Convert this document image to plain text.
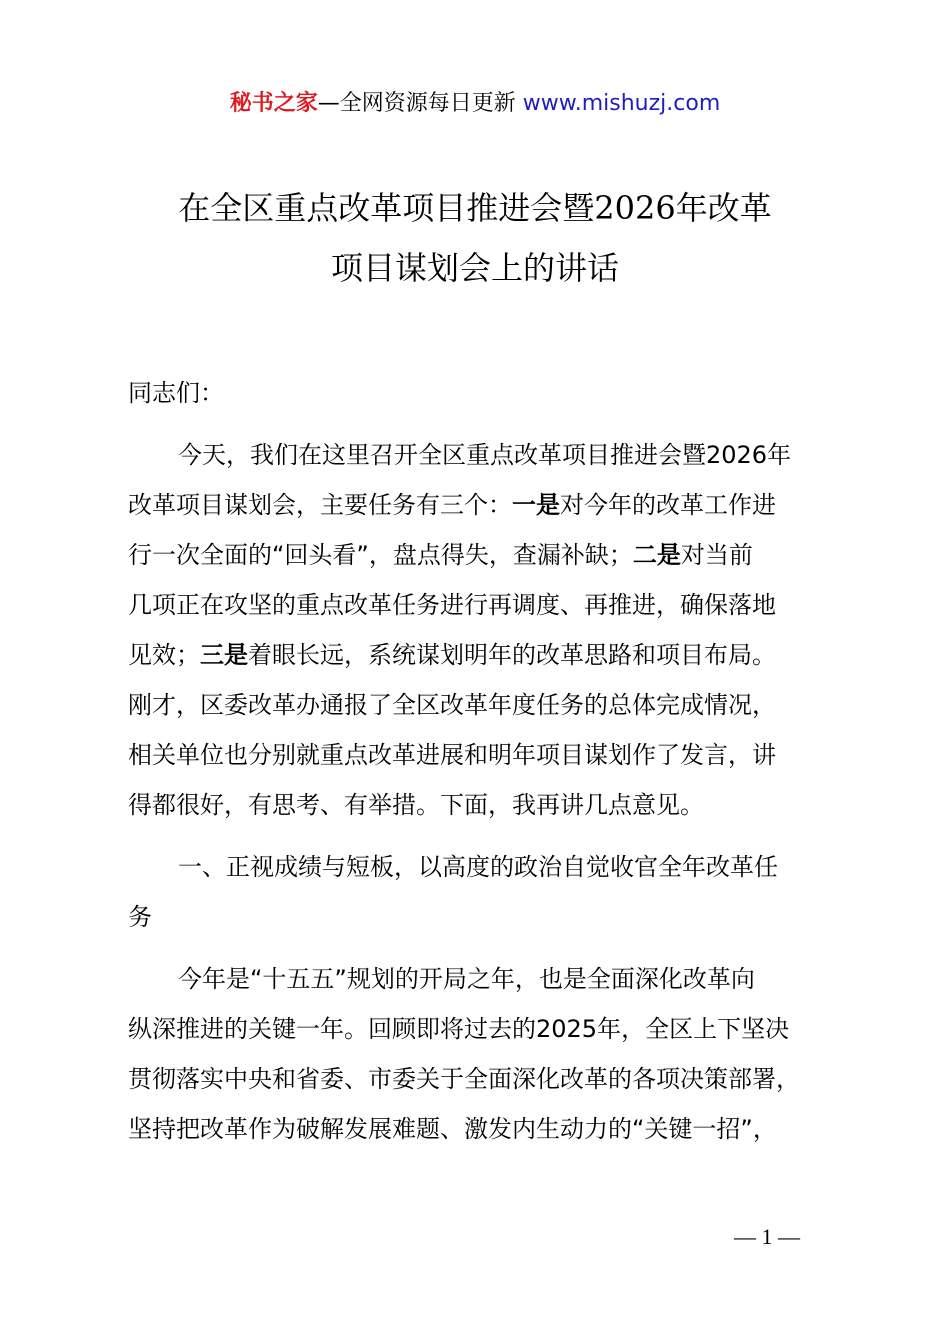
秘书之家—全网资源每日更新 www.mishuzj.com
在全区重点改革项目推进会暨2026年改革
项目谋划会上的讲话
同志们：
今天，我们在这里召开全区重点改革项目推进会暨2026年
改革项目谋划会，主要任务有三个：一是对今年的改革工作进
行一次全面的“回头看”，盘点得失，查漏补缺；二是对当前
几项正在攻坚的重点改革任务进行再调度、再推进，确保落地
见效；三是着眼长远，系统谋划明年的改革思路和项目布局。
刚才，区委改革办通报了全区改革年度任务的总体完成情况，
相关单位也分别就重点改革进展和明年项目谋划作了发言，讲
得都很好，有思考、有举措。下面，我再讲几点意见。
一、正视成绩与短板，以高度的政治自觉收官全年改革任
务
今年是“十五五”规划的开局之年，也是全面深化改革向
纵深推进的关键一年。回顾即将过去的2025年，全区上下坚决
贯彻落实中央和省委、市委关于全面深化改革的各项决策部署，
坚持把改革作为破解发展难题、激发内生动力的“关键一招”，
— 1 —
